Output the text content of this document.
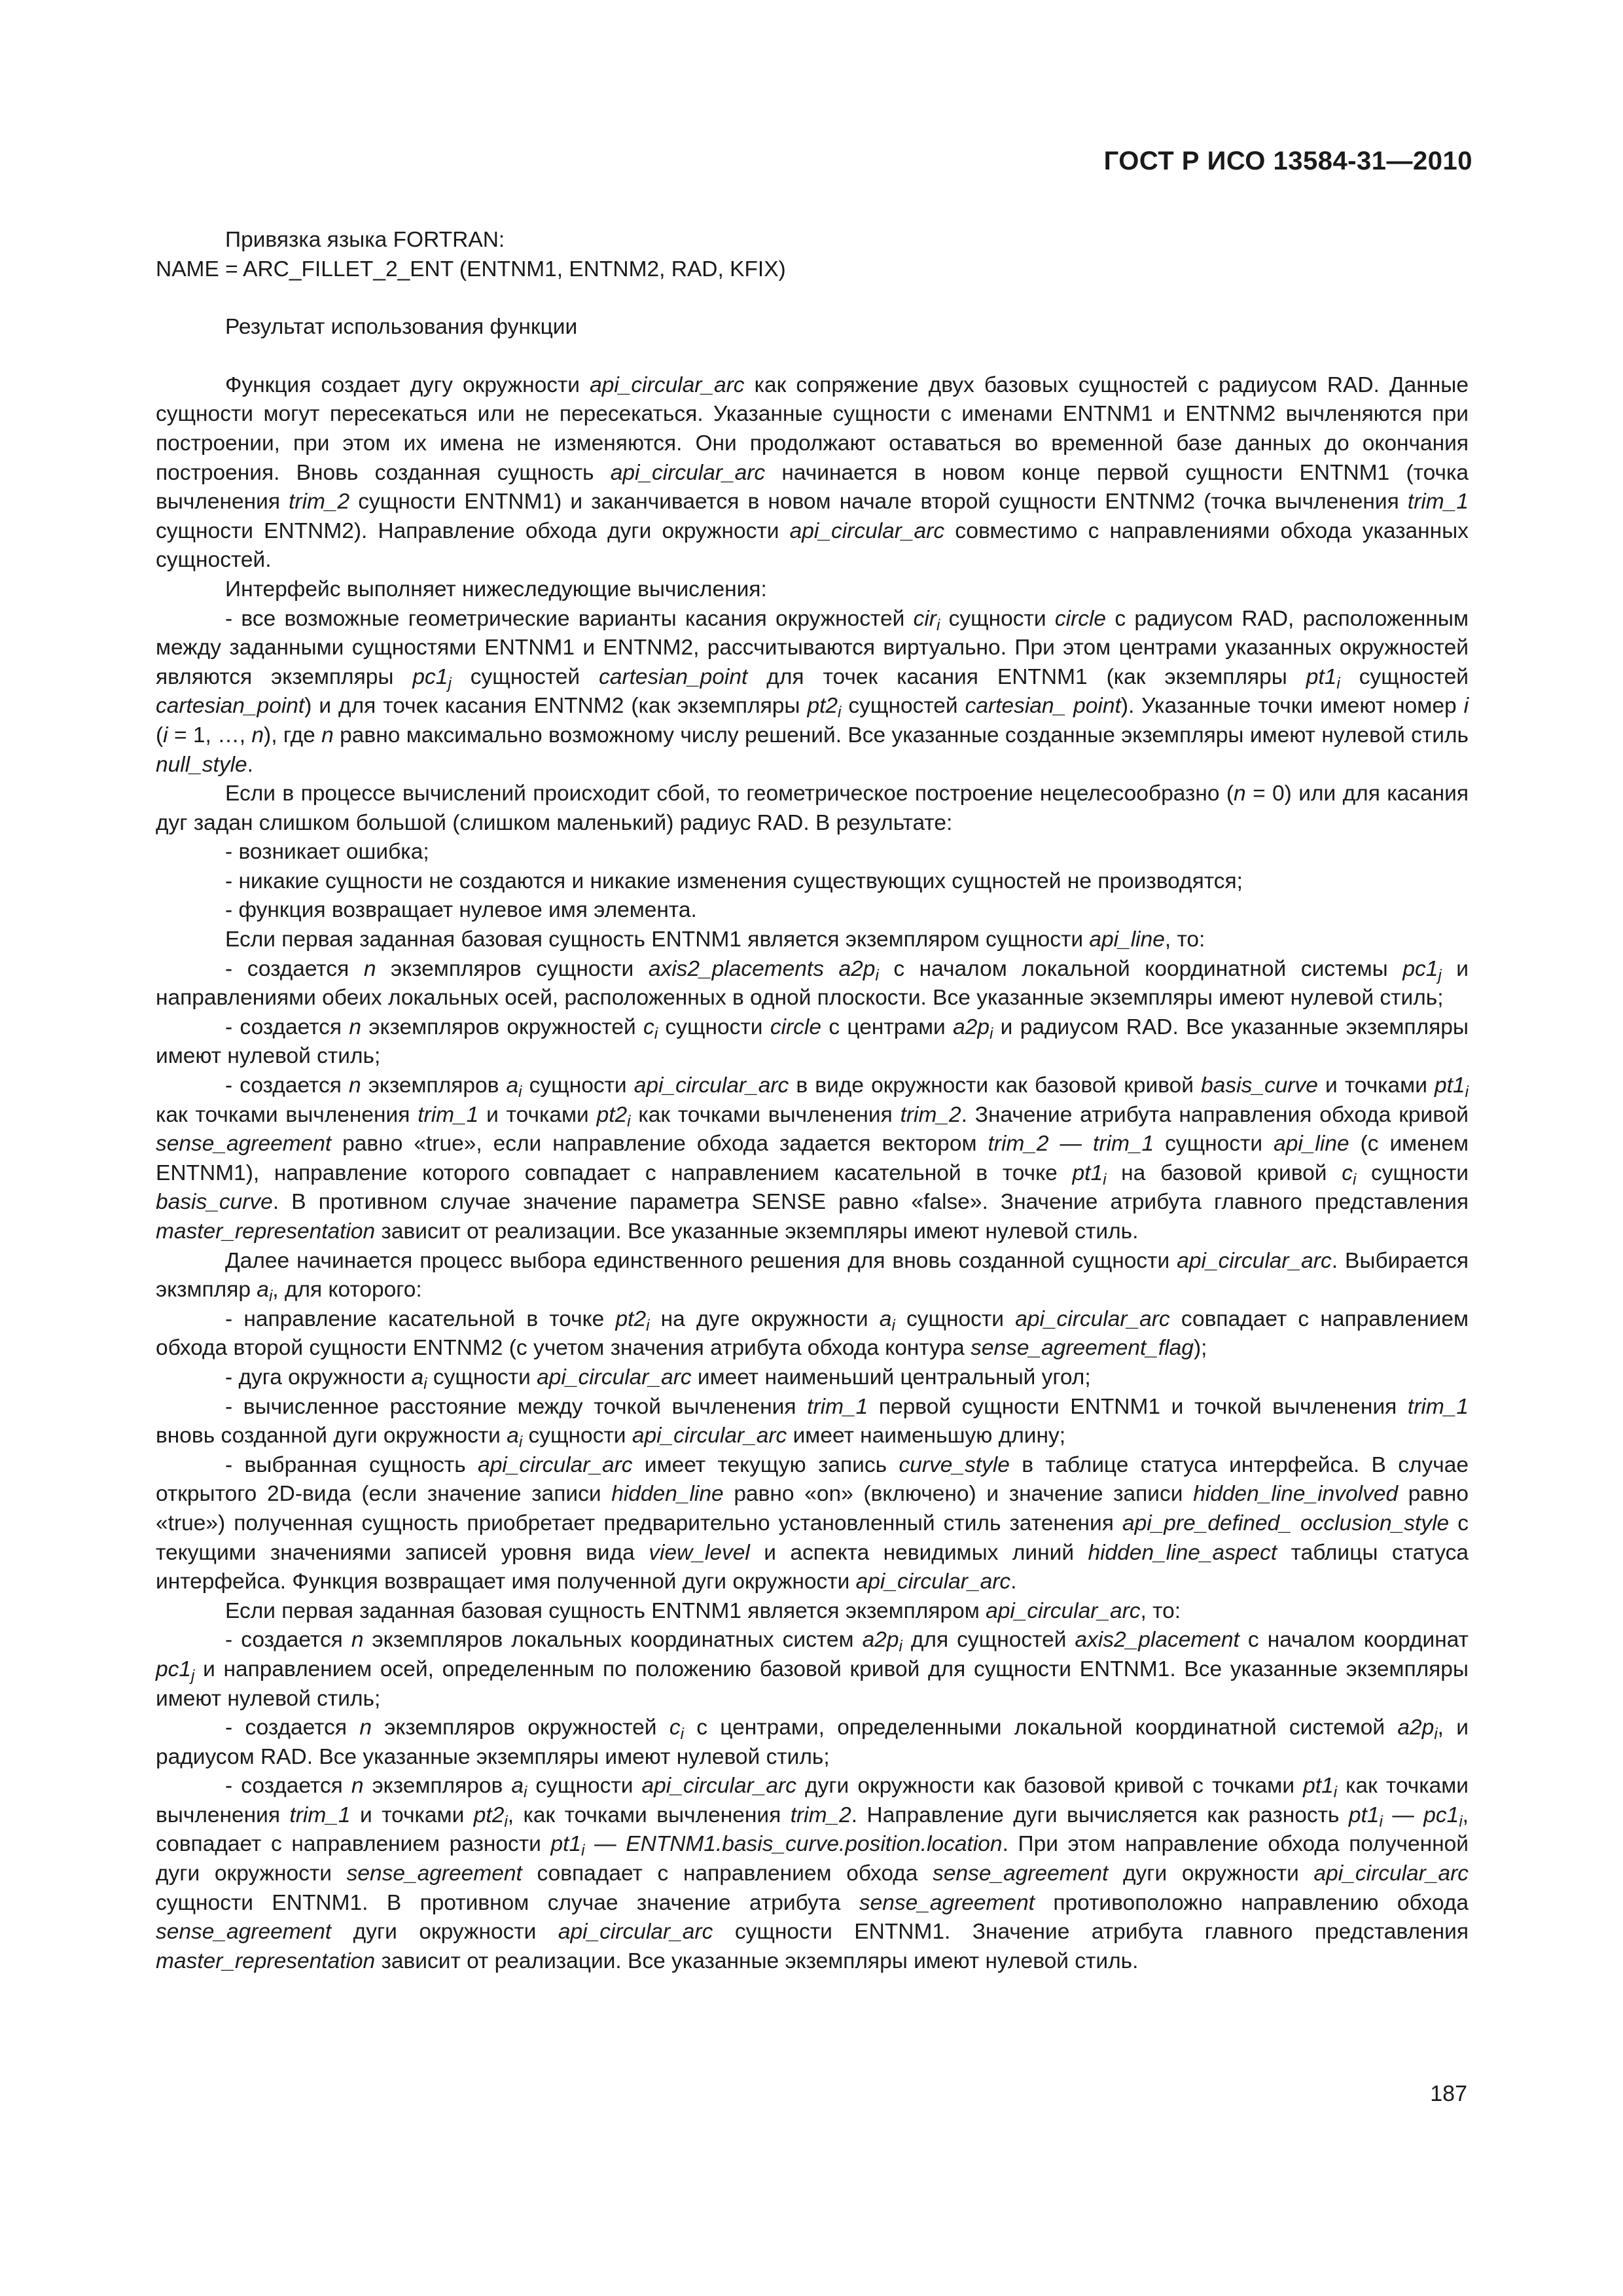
ГОСТ Р ИСО 13584-31—2010

Привязка языка FORTRAN:
NAME = ARC_FILLET_2_ENT (ENTNM1, ENTNM2, RAD, KFIX)

Результат использования функции

Функция создает дугу окружности api_circular_arc как сопряжение двух базовых сущностей с радиусом RAD. Данные сущности могут пересекаться или не пересекаться. Указанные сущности с именами ENTNM1 и ENTNM2 вычленяются при построении, при этом их имена не изменяются. Они продолжают оставаться во временной базе данных до окончания построения. Вновь созданная сущность api_circular_arc начинается в новом конце первой сущности ENTNM1 (точка вычленения trim_2 сущности ENTNM1) и заканчивается в новом начале второй сущности ENTNM2 (точка вычленения trim_1 сущности ENTNM2). Направление обхода дуги окружности api_circular_arc совместимо с направлениями обхода указанных сущностей.

Интерфейс выполняет нижеследующие вычисления:

- все возможные геометрические варианты касания окружностей cir$_i$ сущности circle с радиусом RAD, расположенным между заданными сущностями ENTNM1 и ENTNM2, рассчитываются виртуально. При этом центрами указанных окружностей являются экземпляры $pc1_j$ сущностей cartesian_point для точек касания ENTNM1 (как экземпляры $pt1_i$ сущностей cartesian_point) и для точек касания ENTNM2 (как экземпляры $pt2_i$ сущностей cartesian_ point). Указанные точки имеют номер i (i = 1, …, n), где n равно максимально возможному числу решений. Все указанные созданные экземпляры имеют нулевой стиль null_style.

Если в процессе вычислений происходит сбой, то геометрическое построение нецелесообразно (n = 0) или для касания дуг задан слишком большой (слишком маленький) радиус RAD. В результате:

- возникает ошибка;

- никакие сущности не создаются и никакие изменения существующих сущностей не производятся;

- функция возвращает нулевое имя элемента.

Если первая заданная базовая сущность ENTNM1 является экземпляром сущности api_line, то:

- создается n экземпляров сущности axis2_placements $a2p_i$ с началом локальной координатной системы $pc1_j$ и направлениями обеих локальных осей, расположенных в одной плоскости. Все указанные экземпляры имеют нулевой стиль;

- создается n экземпляров окружностей $c_i$ сущности circle с центрами $a2p_i$ и радиусом RAD. Все указанные экземпляры имеют нулевой стиль;

- создается n экземпляров $a_i$ сущности api_circular_arc в виде окружности как базовой кривой basis_curve и точками $pt1_i$ как точками вычленения trim_1 и точками $pt2_i$ как точками вычленения trim_2. Значение атрибута направления обхода кривой sense_agreement равно «true», если направление обхода задается вектором trim_2 — trim_1 сущности api_line (с именем ENTNM1), направление которого совпадает с направлением касательной в точке $pt1_i$ на базовой кривой $c_i$ сущности basis_curve. В противном случае значение параметра SENSE равно «false». Значение атрибута главного представления master_representation зависит от реализации. Все указанные экземпляры имеют нулевой стиль.

Далее начинается процесс выбора единственного решения для вновь созданной сущности api_circular_arc. Выбирается экзмпляр $a_i$, для которого:

- направление касательной в точке $pt2_i$ на дуге окружности $a_i$ сущности api_circular_arc совпадает с направлением обхода второй сущности ENTNM2 (с учетом значения атрибута обхода контура sense_agreement_flag);

- дуга окружности $a_i$ сущности api_circular_arc имеет наименьший центральный угол;

- вычисленное расстояние между точкой вычленения trim_1 первой сущности ENTNM1 и точкой вычленения trim_1 вновь созданной дуги окружности $a_i$ сущности api_circular_arc имеет наименьшую длину;

- выбранная сущность api_circular_arc имеет текущую запись curve_style в таблице статуса интерфейса. В случае открытого 2D-вида (если значение записи hidden_line равно «on» (включено) и значение записи hidden_line_involved равно «true») полученная сущность приобретает предварительно установленный стиль затенения api_pre_defined_ occlusion_style с текущими значениями записей уровня вида view_level и аспекта невидимых линий hidden_line_aspect таблицы статуса интерфейса. Функция возвращает имя полученной дуги окружности api_circular_arc.

Если первая заданная базовая сущность ENTNM1 является экземпляром api_circular_arc, то:

- создается n экземпляров локальных координатных систем $a2p_i$ для сущностей axis2_placement с началом координат $pc1_j$ и направлением осей, определенным по положению базовой кривой для сущности ENTNM1. Все указанные экземпляры имеют нулевой стиль;

- создается n экземпляров окружностей $c_i$ с центрами, определенными локальной координатной системой $a2p_i$, и радиусом RAD. Все указанные экземпляры имеют нулевой стиль;

- создается n экземпляров $a_i$ сущности api_circular_arc дуги окружности как базовой кривой с точками $pt1_i$ как точками вычленения trim_1 и точками $pt2_i$, как точками вычленения trim_2. Направление дуги вычисляется как разность $pt1_i$ — $pc1_i$, совпадает с направлением разности $pt1_i$ — ENTNM1.basis_curve.position.location. При этом направление обхода полученной дуги окружности sense_agreement совпадает с направлением обхода sense_agreement дуги окружности api_circular_arc сущности ENTNM1. В противном случае значение атрибута sense_agreement противоположно направлению обхода sense_agreement дуги окружности api_circular_arc сущности ENTNM1. Значение атрибута главного представления master_representation зависит от реализации. Все указанные экземпляры имеют нулевой стиль.

187
